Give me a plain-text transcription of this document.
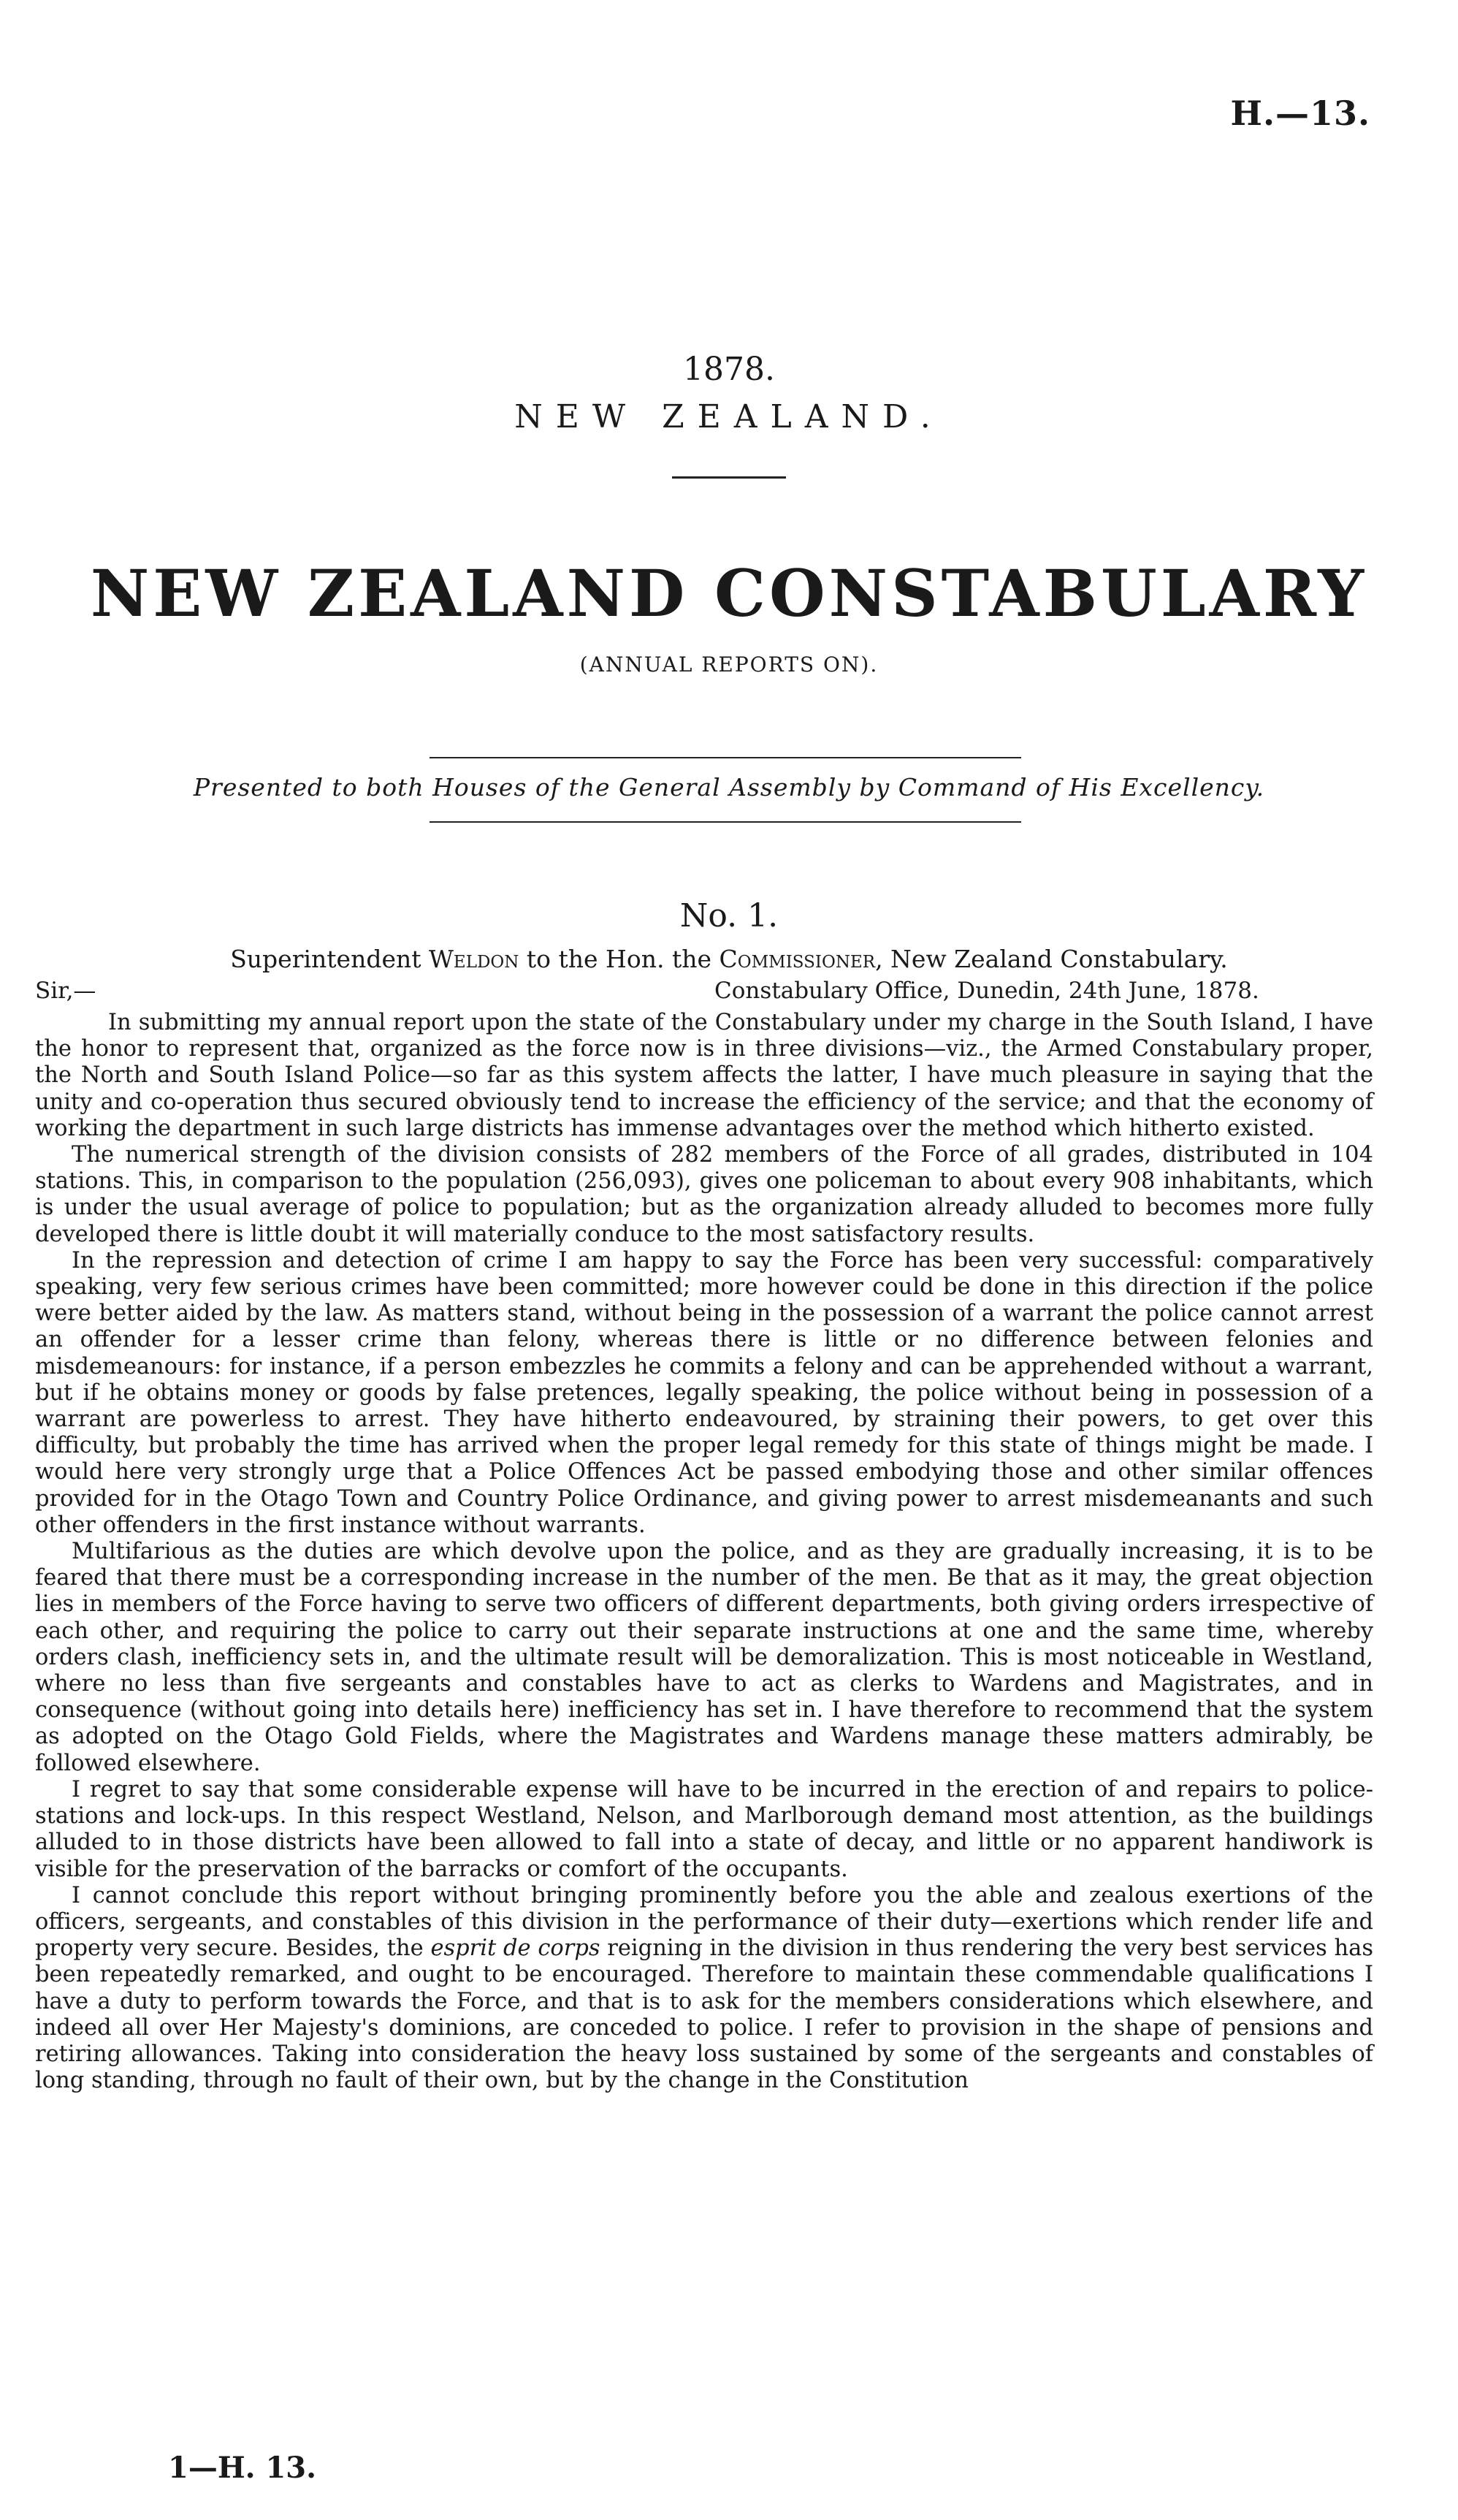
H.—13.
1878.
NEW ZEALAND.
NEW ZEALAND CONSTABULARY
(ANNUAL REPORTS ON).
Presented to both Houses of the General Assembly by Command of His Excellency.
No. 1.
Superintendent Weldon to the Hon. the Commissioner, New Zealand Constabulary.
Sir,—	Constabulary Office, Dunedin, 24th June, 1878.

In submitting my annual report upon the state of the Constabulary under my charge in the South Island, I have the honor to represent that, organized as the force now is in three divisions—viz., the Armed Constabulary proper, the North and South Island Police—so far as this system affects the latter, I have much pleasure in saying that the unity and co-operation thus secured obviously tend to increase the efficiency of the service; and that the economy of working the department in such large districts has immense advantages over the method which hitherto existed.

The numerical strength of the division consists of 282 members of the Force of all grades, distributed in 104 stations. This, in comparison to the population (256,093), gives one policeman to about every 908 inhabitants, which is under the usual average of police to population; but as the organization already alluded to becomes more fully developed there is little doubt it will materially conduce to the most satisfactory results.

In the repression and detection of crime I am happy to say the Force has been very successful: comparatively speaking, very few serious crimes have been committed; more however could be done in this direction if the police were better aided by the law. As matters stand, without being in the possession of a warrant the police cannot arrest an offender for a lesser crime than felony, whereas there is little or no difference between felonies and misdemeanours: for instance, if a person embezzles he commits a felony and can be apprehended without a warrant, but if he obtains money or goods by false pretences, legally speaking, the police without being in possession of a warrant are powerless to arrest. They have hitherto endeavoured, by straining their powers, to get over this difficulty, but probably the time has arrived when the proper legal remedy for this state of things might be made. I would here very strongly urge that a Police Offences Act be passed embodying those and other similar offences provided for in the Otago Town and Country Police Ordinance, and giving power to arrest misdemeanants and such other offenders in the first instance without warrants.

Multifarious as the duties are which devolve upon the police, and as they are gradually increasing, it is to be feared that there must be a corresponding increase in the number of the men. Be that as it may, the great objection lies in members of the Force having to serve two officers of different departments, both giving orders irrespective of each other, and requiring the police to carry out their separate instructions at one and the same time, whereby orders clash, inefficiency sets in, and the ultimate result will be demoralization. This is most noticeable in Westland, where no less than five sergeants and constables have to act as clerks to Wardens and Magistrates, and in consequence (without going into details here) inefficiency has set in. I have therefore to recommend that the system as adopted on the Otago Gold Fields, where the Magistrates and Wardens manage these matters admirably, be followed elsewhere.

I regret to say that some considerable expense will have to be incurred in the erection of and repairs to police-stations and lock-ups. In this respect Westland, Nelson, and Marlborough demand most attention, as the buildings alluded to in those districts have been allowed to fall into a state of decay, and little or no apparent handiwork is visible for the preservation of the barracks or comfort of the occupants.

I cannot conclude this report without bringing prominently before you the able and zealous exertions of the officers, sergeants, and constables of this division in the performance of their duty—exertions which render life and property very secure. Besides, the esprit de corps reigning in the division in thus rendering the very best services has been repeatedly remarked, and ought to be encouraged. Therefore to maintain these commendable qualifications I have a duty to perform towards the Force, and that is to ask for the members considerations which elsewhere, and indeed all over Her Majesty's dominions, are conceded to police. I refer to provision in the shape of pensions and retiring allowances. Taking into consideration the heavy loss sustained by some of the sergeants and constables of long standing, through no fault of their own, but by the change in the Constitution

1—H. 13.
